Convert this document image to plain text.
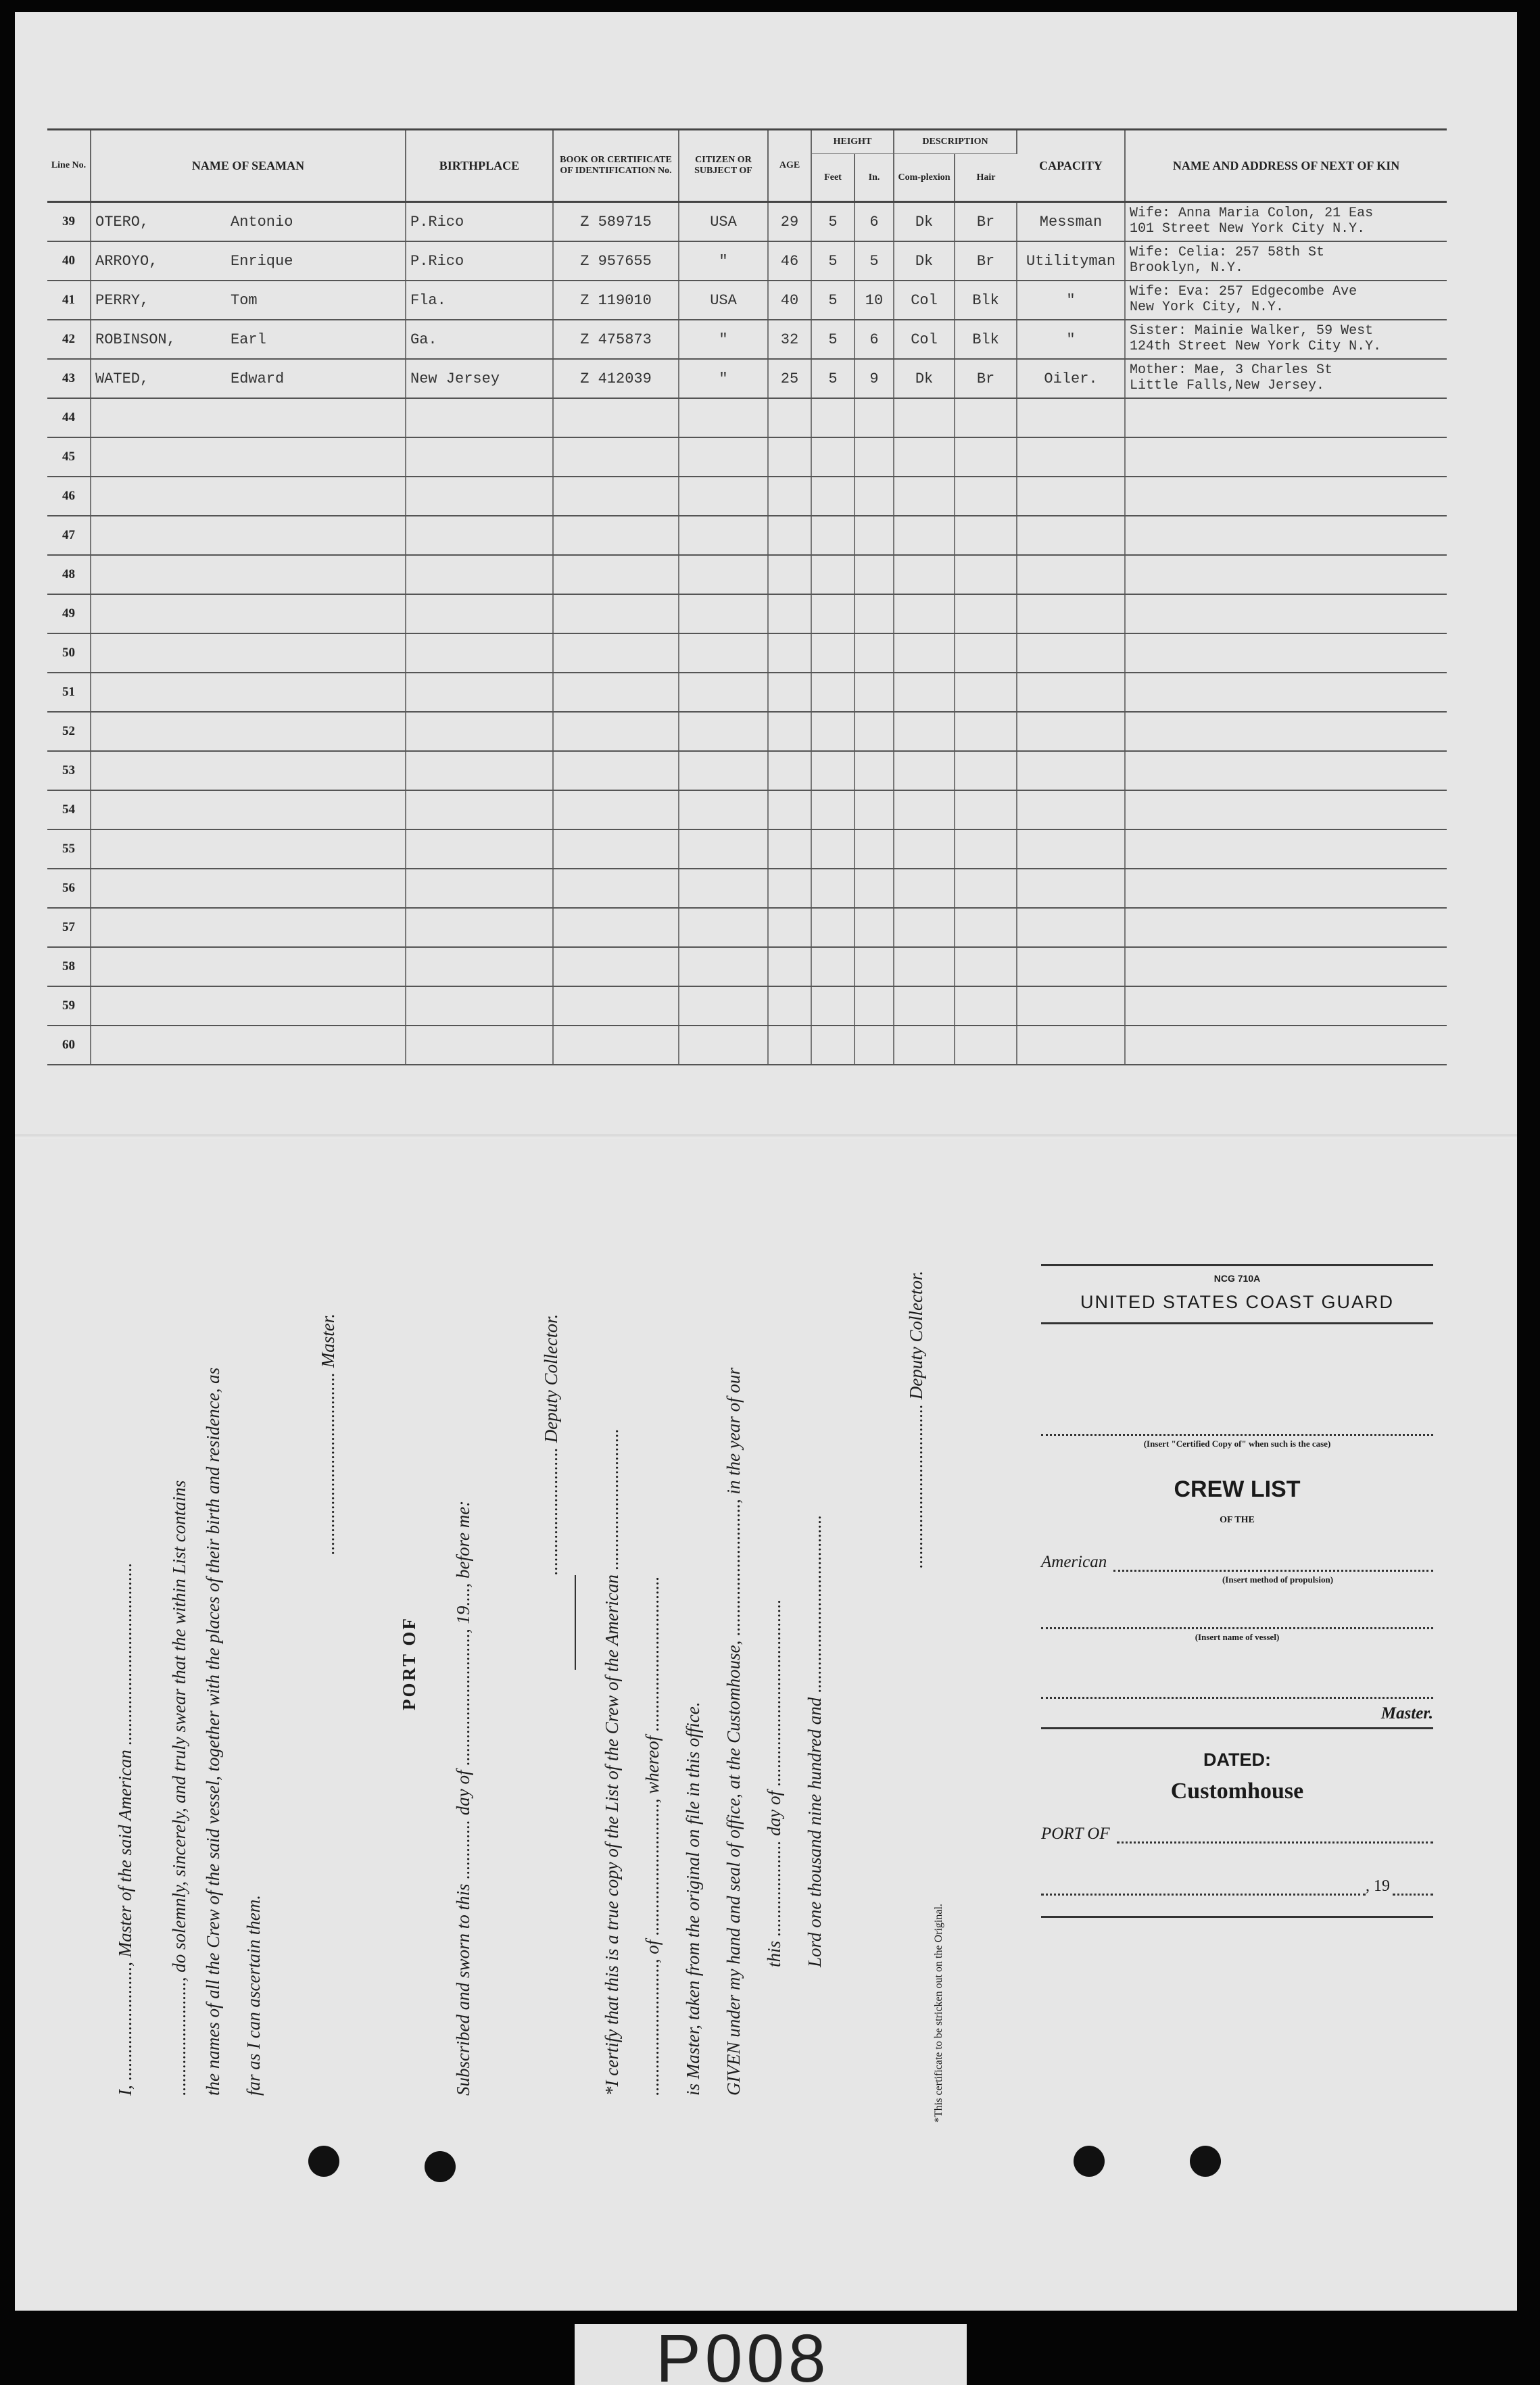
Line No.	NAME OF SEAMAN	BIRTHPLACE	BOOK OR CERTIFICATE OF IDENTIFICATION No.	CITIZEN OR SUBJECT OF	AGE	HEIGHT		DESCRIPTION		CAPACITY	NAME AND ADDRESS OF NEXT OF KIN
						Feet	In.	Com-plexion	Hair		

39	OTERO, Antonio	P.Rico	Z 589715	USA	29	5	6	Dk	Br	Messman	Wife: Anna Maria Colon, 21 Eas
101 Street New York City N.Y.

40	ARROYO, Enrique	P.Rico	Z 957655	"	46	5	5	Dk	Br	Utilityman	Wife: Celia: 257 58th St
Brooklyn, N.Y.

41	PERRY, Tom	Fla.	Z 119010	USA	40	5	10	Col	Blk	"	Wife: Eva: 257 Edgecombe Ave
New York City, N.Y.

42	ROBINSON, Earl	Ga.	Z 475873	"	32	5	6	Col	Blk	"	Sister: Mainie Walker, 59 West
124th Street New York City N.Y.

43	WATED, Edward	New Jersey	Z 412039	"	25	5	9	Dk	Br	Oiler.	Mother: Mae, 3 Charles St
Little Falls,New Jersey.

44											
45											
46											
47											
48											
49											
50											
51											
52											
53											
54											
55											
56											
57											
58											
59											
60											
I, ........................., Master of the said American ........................................ ........................., do solemnly, sincerely, and truly swear that the within List contains the names of all the Crew of the said vessel, together with the places of their birth and residence, as far as I can ascertain them.
........................................ Master.
PORT OF Subscribed and sworn to this ............. day of ............................., 19...., before me:
............................ Deputy Collector. *I certify that this is a true copy of the List of the Crew of the American ............................... ............................., of ............................., whereof .................................. is Master, taken from the original on file in this office. GIVEN under my hand and seal of office, at the Customhouse, ............................., in the year of our this ..................... day of ......................................... Lord one thousand nine hundred and .......................................
.................................... Deputy Collector.
*This certificate to be stricken out on the Original.
NCG 710A
UNITED STATES COAST GUARD
(Insert "Certified Copy of" when such is the case)
CREW LIST
OF THE
American
(Insert method of propulsion)
(Insert name of vessel)
Master.
DATED:
Customhouse
PORT OF
, 19
P008
